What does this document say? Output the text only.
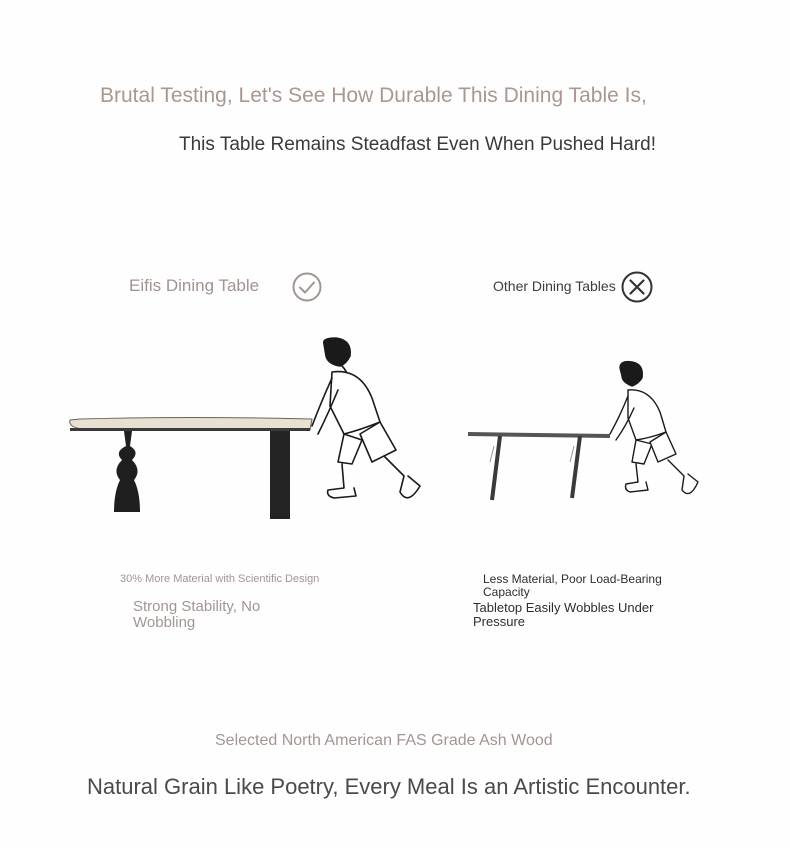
Brutal Testing, Let's See How Durable This Dining Table Is,
This Table Remains Steadfast Even When Pushed Hard!
Eifis Dining Table	Other Dining Tables
30% More Material with Scientific Design
Strong Stability, No Wobbling
Less Material, Poor Load-Bearing Capacity
Tabletop Easily Wobbles Under Pressure
Selected North American FAS Grade Ash Wood
Natural Grain Like Poetry, Every Meal Is an Artistic Encounter.
